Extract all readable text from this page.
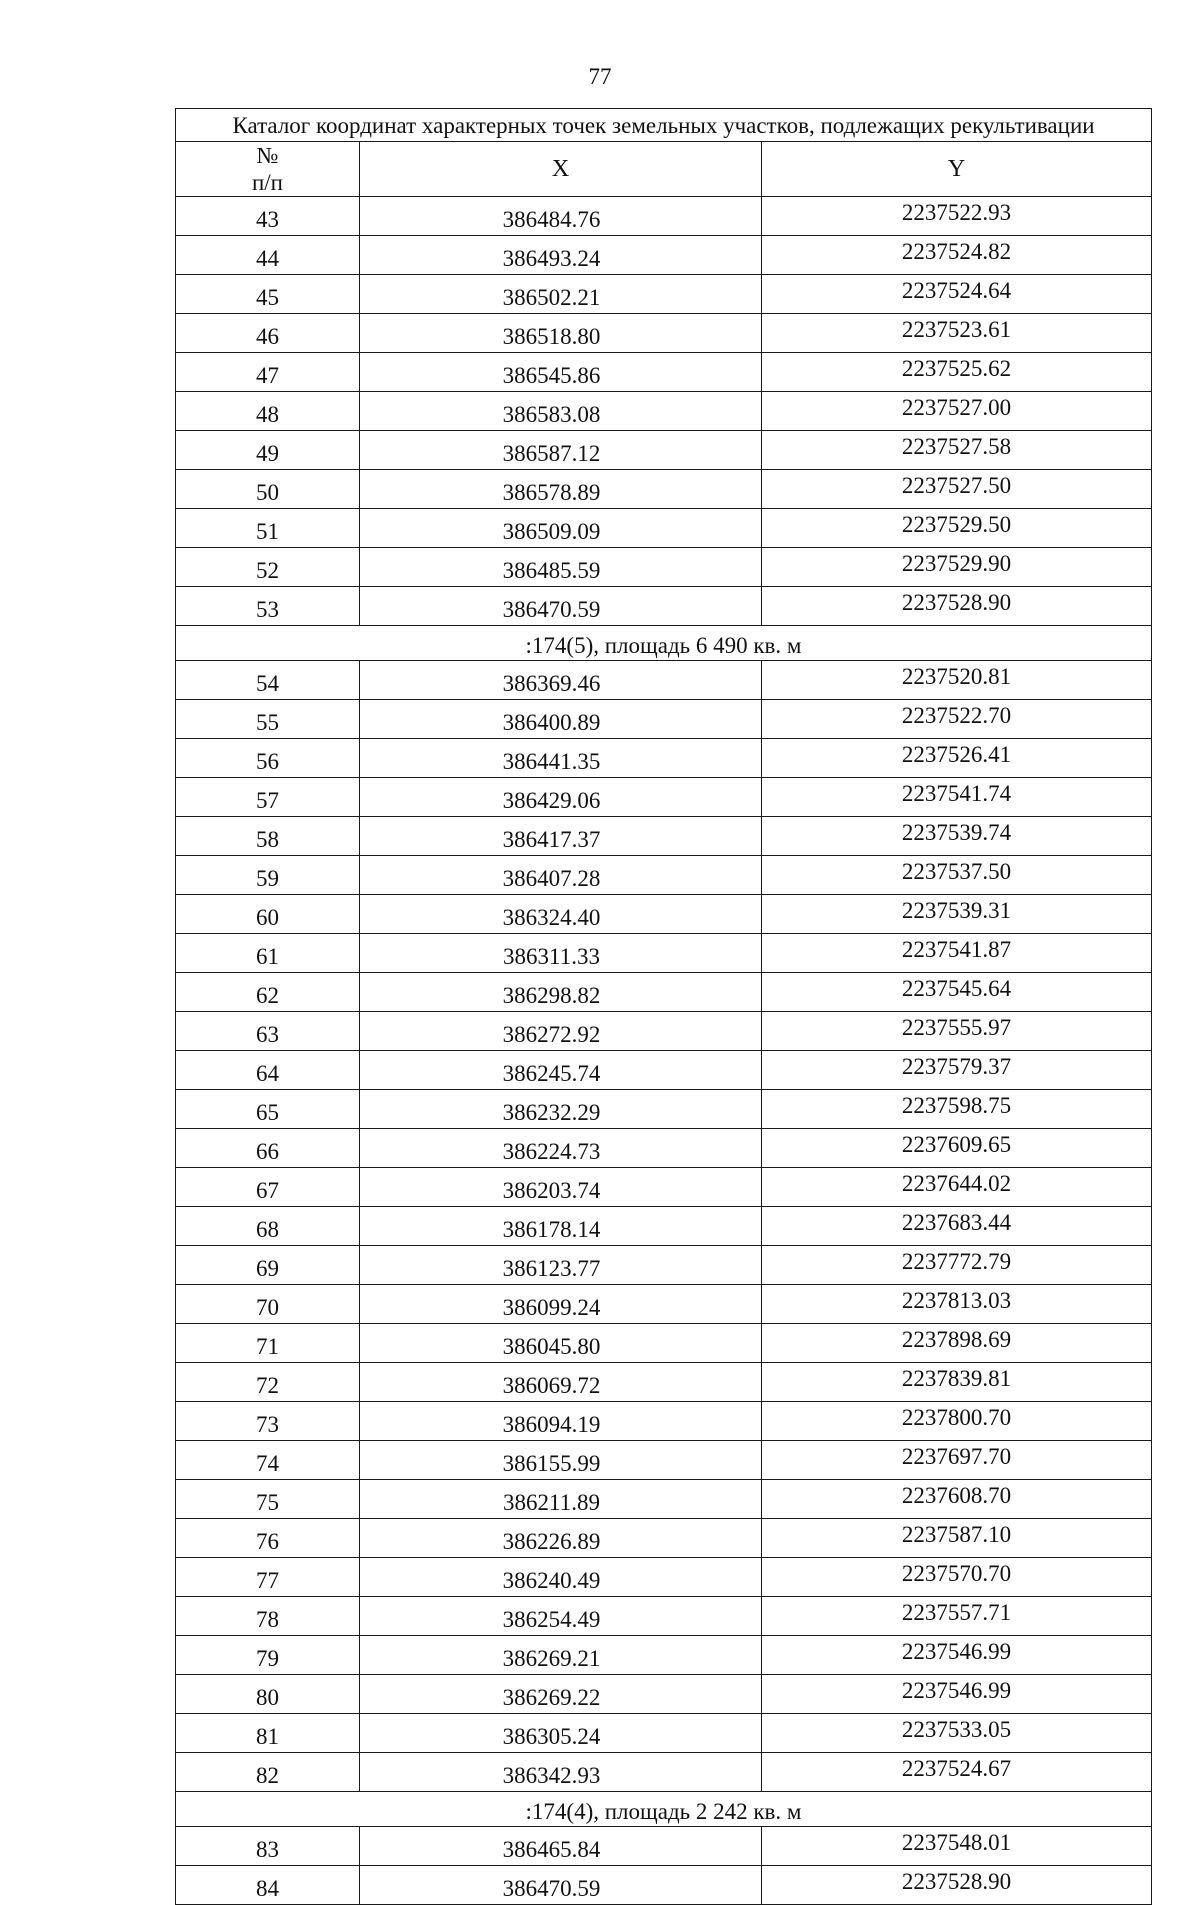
77
Каталог координат характерных точек земельных участков, подлежащих рекультивации		

№
п/п	X	Y
43	386484.76	2237522.93
44	386493.24	2237524.82
45	386502.21	2237524.64
46	386518.80	2237523.61
47	386545.86	2237525.62
48	386583.08	2237527.00
49	386587.12	2237527.58
50	386578.89	2237527.50
51	386509.09	2237529.50
52	386485.59	2237529.90
53	386470.59	2237528.90
:174(5), площадь 6 490 кв. м		
54	386369.46	2237520.81
55	386400.89	2237522.70
56	386441.35	2237526.41
57	386429.06	2237541.74
58	386417.37	2237539.74
59	386407.28	2237537.50
60	386324.40	2237539.31
61	386311.33	2237541.87
62	386298.82	2237545.64
63	386272.92	2237555.97
64	386245.74	2237579.37
65	386232.29	2237598.75
66	386224.73	2237609.65
67	386203.74	2237644.02
68	386178.14	2237683.44
69	386123.77	2237772.79
70	386099.24	2237813.03
71	386045.80	2237898.69
72	386069.72	2237839.81
73	386094.19	2237800.70
74	386155.99	2237697.70
75	386211.89	2237608.70
76	386226.89	2237587.10
77	386240.49	2237570.70
78	386254.49	2237557.71
79	386269.21	2237546.99
80	386269.22	2237546.99
81	386305.24	2237533.05
82	386342.93	2237524.67
:174(4), площадь 2 242 кв. м		
83	386465.84	2237548.01
84	386470.59	2237528.90
